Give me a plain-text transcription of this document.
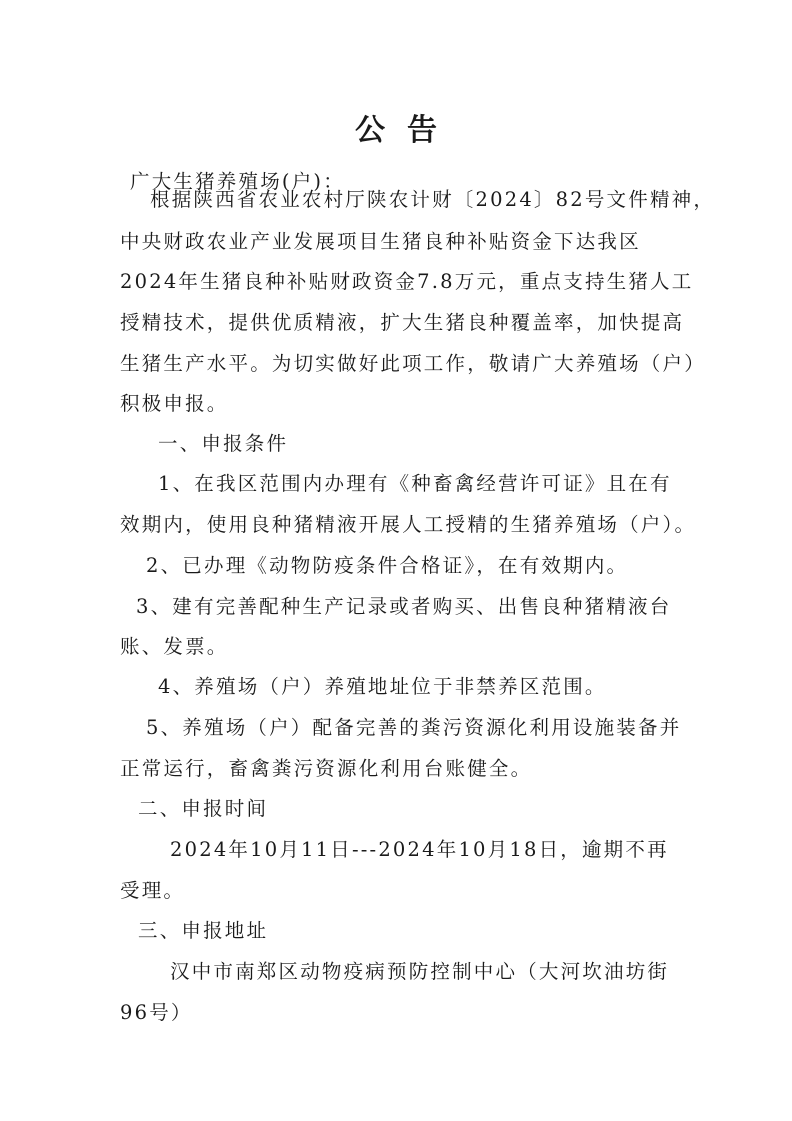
公告
广大生猪养殖场(户)：
根据陕西省农业农村厅陕农计财〔2024〕82号文件精神，
中央财政农业产业发展项目生猪良种补贴资金下达我区
2024年生猪良种补贴财政资金7.8万元，重点支持生猪人工
授精技术，提供优质精液，扩大生猪良种覆盖率，加快提高
生猪生产水平。为切实做好此项工作，敬请广大养殖场（户）
积极申报。
一、申报条件
1、在我区范围内办理有《种畜禽经营许可证》且在有
效期内，使用良种猪精液开展人工授精的生猪养殖场（户）。
2、已办理《动物防疫条件合格证》，在有效期内。
3、建有完善配种生产记录或者购买、出售良种猪精液台
账、发票。
4、养殖场（户）养殖地址位于非禁养区范围。
5、养殖场（户）配备完善的粪污资源化利用设施装备并
正常运行，畜禽粪污资源化利用台账健全。
二、申报时间
2024年10月11日---2024年10月18日，逾期不再
受理。
三、申报地址
汉中市南郑区动物疫病预防控制中心（大河坎油坊街
96号）
